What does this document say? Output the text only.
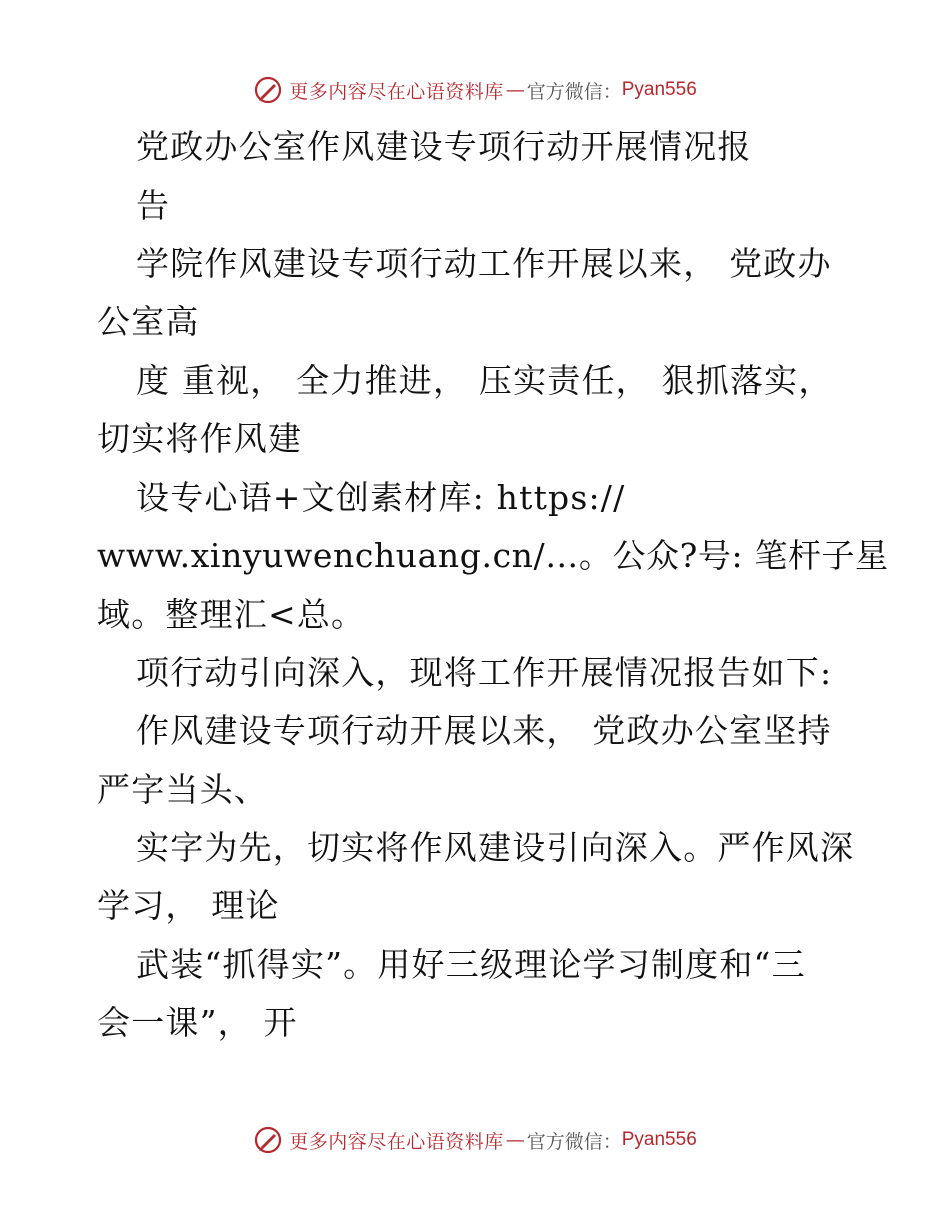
更多内容尽在心语资料库 — 官方微信： Pyan556
党政办公室作风建设专项行动开展情况报
告
学院作风建设专项行动工作开展以来， 党政办
公室高
度 重视， 全力推进， 压实责任， 狠抓落实，
切实将作风建
设专心语+文创素材库: https://
www.xinyuwenchuang.cn/…。公众?号: 笔杆子星
域。整理汇<总。
项行动引向深入，现将工作开展情况报告如下:
作风建设专项行动开展以来， 党政办公室坚持
严字当头、
实字为先，切实将作风建设引向深入。严作风深
学习， 理论
武装“抓得实”。用好三级理论学习制度和“三
会一课”， 开
更多内容尽在心语资料库 — 官方微信： Pyan556
